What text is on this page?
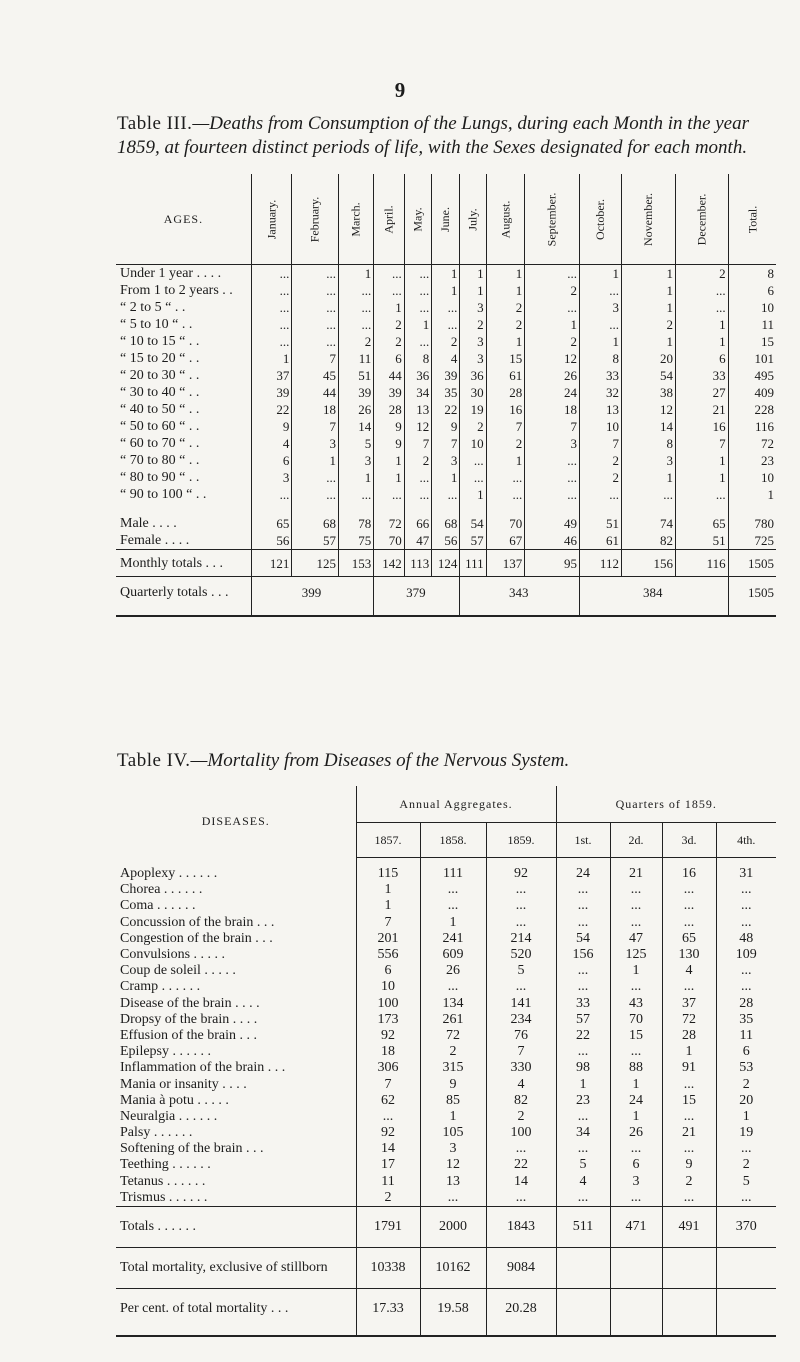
9
Table III.—Deaths from Consumption of the Lungs, during each Month in the year 1859, at fourteen distinct periods of life, with the Sexes designated for each month.
AGES.	January.	February.	March.	April.	May.	June.	July.	August.	September.	October.	November.	December.	Total.
Under 1 year . . . .	...	...	1	...	...	1	1	1	...	1	1	2	8
From 1 to 2 years . .	...	...	...	...	...	1	1	1	2	...	1	...	6
“ 2 to 5 “ . .	...	...	...	1	...	...	3	2	...	3	1	...	10
“ 5 to 10 “ . .	...	...	...	2	1	...	2	2	1	...	2	1	11
“ 10 to 15 “ . .	...	...	2	2	...	2	3	1	2	1	1	1	15
“ 15 to 20 “ . .	1	7	11	6	8	4	3	15	12	8	20	6	101
“ 20 to 30 “ . .	37	45	51	44	36	39	36	61	26	33	54	33	495
“ 30 to 40 “ . .	39	44	39	39	34	35	30	28	24	32	38	27	409
“ 40 to 50 “ . .	22	18	26	28	13	22	19	16	18	13	12	21	228
“ 50 to 60 “ . .	9	7	14	9	12	9	2	7	7	10	14	16	116
“ 60 to 70 “ . .	4	3	5	9	7	7	10	2	3	7	8	7	72
“ 70 to 80 “ . .	6	1	3	1	2	3	...	1	...	2	3	1	23
“ 80 to 90 “ . .	3	...	1	1	...	1	...	...	...	2	1	1	10
“ 90 to 100 “ . .	...	...	...	...	...	...	1	...	...	...	...	...	1

Male . . . .	65	68	78	72	66	68	54	70	49	51	74	65	780
Female . . . .	56	57	75	70	47	56	57	67	46	61	82	51	725
Monthly totals . . .	121	125	153	142	113	124	111	137	95	112	156	116	1505
Quarterly totals . . .	399			379			343			384			1505

Table IV.—Mortality from Diseases of the Nervous System.
DISEASES.	Annual Aggregates.			Quarters of 1859.			
	1857.	1858.	1859.	1st.	2d.	3d.	4th.
Apoplexy . . . . . .	115	111	92	24	21	16	31
Chorea . . . . . .	1	...	...	...	...	...	...
Coma . . . . . .	1	...	...	...	...	...	...
Concussion of the brain . . .	7	1	...	...	...	...	...
Congestion of the brain . . .	201	241	214	54	47	65	48
Convulsions . . . . .	556	609	520	156	125	130	109
Coup de soleil . . . . .	6	26	5	...	1	4	...
Cramp . . . . . .	10	...	...	...	...	...	...
Disease of the brain . . . .	100	134	141	33	43	37	28
Dropsy of the brain . . . .	173	261	234	57	70	72	35
Effusion of the brain . . .	92	72	76	22	15	28	11
Epilepsy . . . . . .	18	2	7	...	...	1	6
Inflammation of the brain . . .	306	315	330	98	88	91	53
Mania or insanity . . . .	7	9	4	1	1	...	2
Mania à potu . . . . .	62	85	82	23	24	15	20
Neuralgia . . . . . .	...	1	2	...	1	...	1
Palsy . . . . . .	92	105	100	34	26	21	19
Softening of the brain . . .	14	3	...	...	...	...	...
Teething . . . . . .	17	12	22	5	6	9	2
Tetanus . . . . . .	11	13	14	4	3	2	5
Trismus . . . . . .	2	...	...	...	...	...	...
Totals . . . . . .	1791	2000	1843	511	471	491	370
Total mortality, exclusive of stillborn	10338	10162	9084				
Per cent. of total mortality . . .	17.33	19.58	20.28				
